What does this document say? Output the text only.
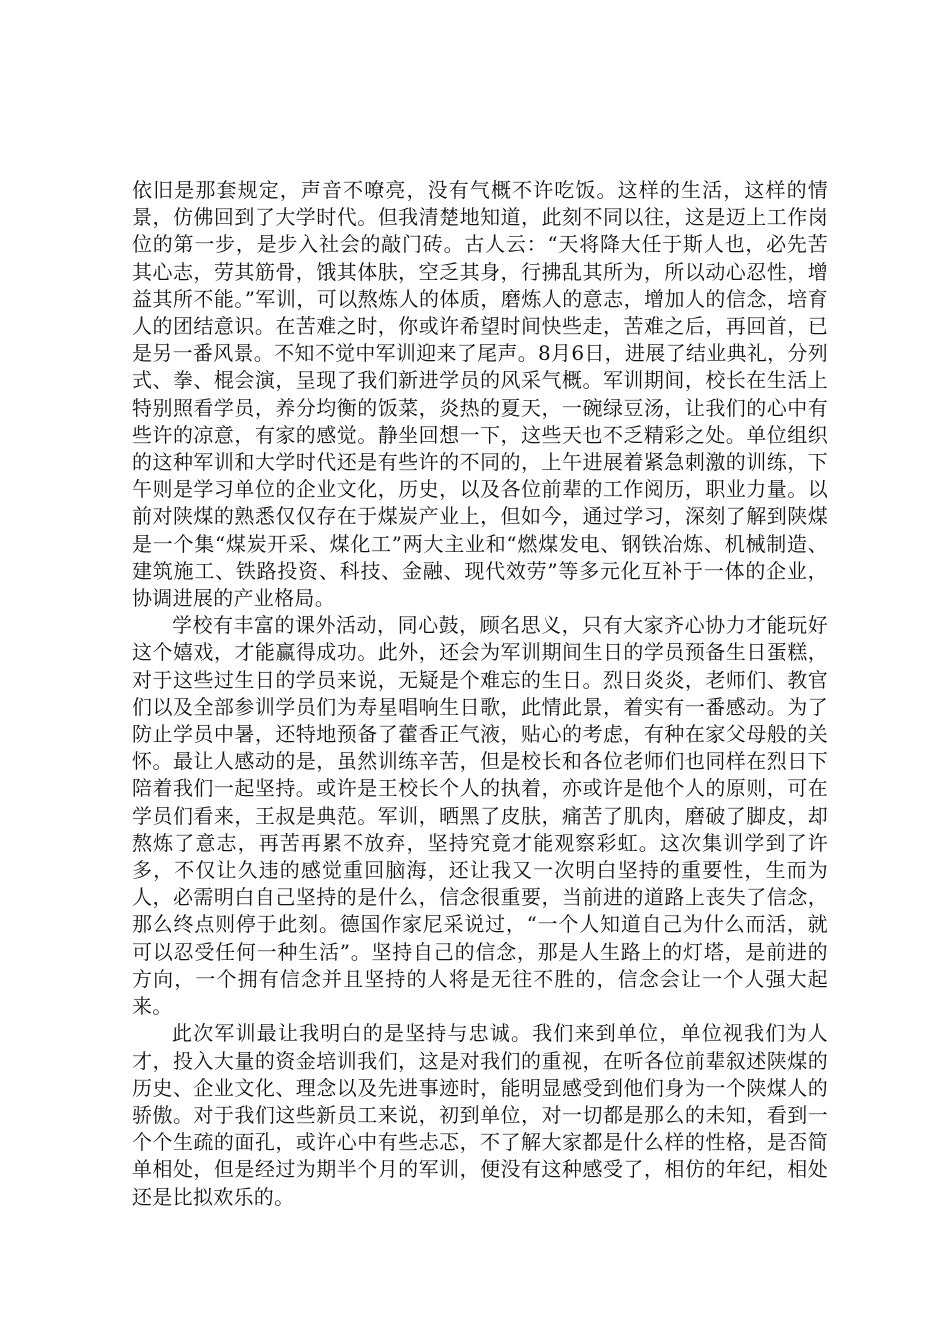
依旧是那套规定，声音不嘹亮，没有气概不许吃饭。这样的生活，这样的情景，仿佛回到了大学时代。但我清楚地知道，此刻不同以往，这是迈上工作岗位的第一步，是步入社会的敲门砖。古人云：“天将降大任于斯人也，必先苦其心志，劳其筋骨，饿其体肤，空乏其身，行拂乱其所为，所以动心忍性，增益其所不能。”军训，可以熬炼人的体质，磨炼人的意志，增加人的信念，培育人的团结意识。在苦难之时，你或许希望时间快些走，苦难之后，再回首，已是另一番风景。不知不觉中军训迎来了尾声。8月6日，进展了结业典礼，分列式、拳、棍会演，呈现了我们新进学员的风采气概。军训期间，校长在生活上特别照看学员，养分均衡的饭菜，炎热的夏天，一碗绿豆汤，让我们的心中有些许的凉意，有家的感觉。静坐回想一下，这些天也不乏精彩之处。单位组织的这种军训和大学时代还是有些许的不同的，上午进展着紧急刺激的训练，下午则是学习单位的企业文化，历史，以及各位前辈的工作阅历，职业力量。以前对陕煤的熟悉仅仅存在于煤炭产业上，但如今，通过学习，深刻了解到陕煤是一个集“煤炭开采、煤化工”两大主业和“燃煤发电、钢铁冶炼、机械制造、建筑施工、铁路投资、科技、金融、现代效劳”等多元化互补于一体的企业，协调进展的产业格局。

学校有丰富的课外活动，同心鼓，顾名思义，只有大家齐心协力才能玩好这个嬉戏，才能赢得成功。此外，还会为军训期间生日的学员预备生日蛋糕，对于这些过生日的学员来说，无疑是个难忘的生日。烈日炎炎，老师们、教官们以及全部参训学员们为寿星唱响生日歌，此情此景，着实有一番感动。为了防止学员中暑，还特地预备了藿香正气液，贴心的考虑，有种在家父母般的关怀。最让人感动的是，虽然训练辛苦，但是校长和各位老师们也同样在烈日下陪着我们一起坚持。或许是王校长个人的执着，亦或许是他个人的原则，可在学员们看来，王叔是典范。军训，晒黑了皮肤，痛苦了肌肉，磨破了脚皮，却熬炼了意志，再苦再累不放弃，坚持究竟才能观察彩虹。这次集训学到了许多，不仅让久违的感觉重回脑海，还让我又一次明白坚持的重要性，生而为人，必需明白自己坚持的是什么，信念很重要，当前进的道路上丧失了信念，那么终点则停于此刻。德国作家尼采说过，“一个人知道自己为什么而活，就可以忍受任何一种生活”。坚持自己的信念，那是人生路上的灯塔，是前进的方向，一个拥有信念并且坚持的人将是无往不胜的，信念会让一个人强大起来。

此次军训最让我明白的是坚持与忠诚。我们来到单位，单位视我们为人才，投入大量的资金培训我们，这是对我们的重视，在听各位前辈叙述陕煤的历史、企业文化、理念以及先进事迹时，能明显感受到他们身为一个陕煤人的骄傲。对于我们这些新员工来说，初到单位，对一切都是那么的未知，看到一个个生疏的面孔，或许心中有些忐忑，不了解大家都是什么样的性格，是否简单相处，但是经过为期半个月的军训，便没有这种感受了，相仿的年纪，相处还是比拟欢乐的。
